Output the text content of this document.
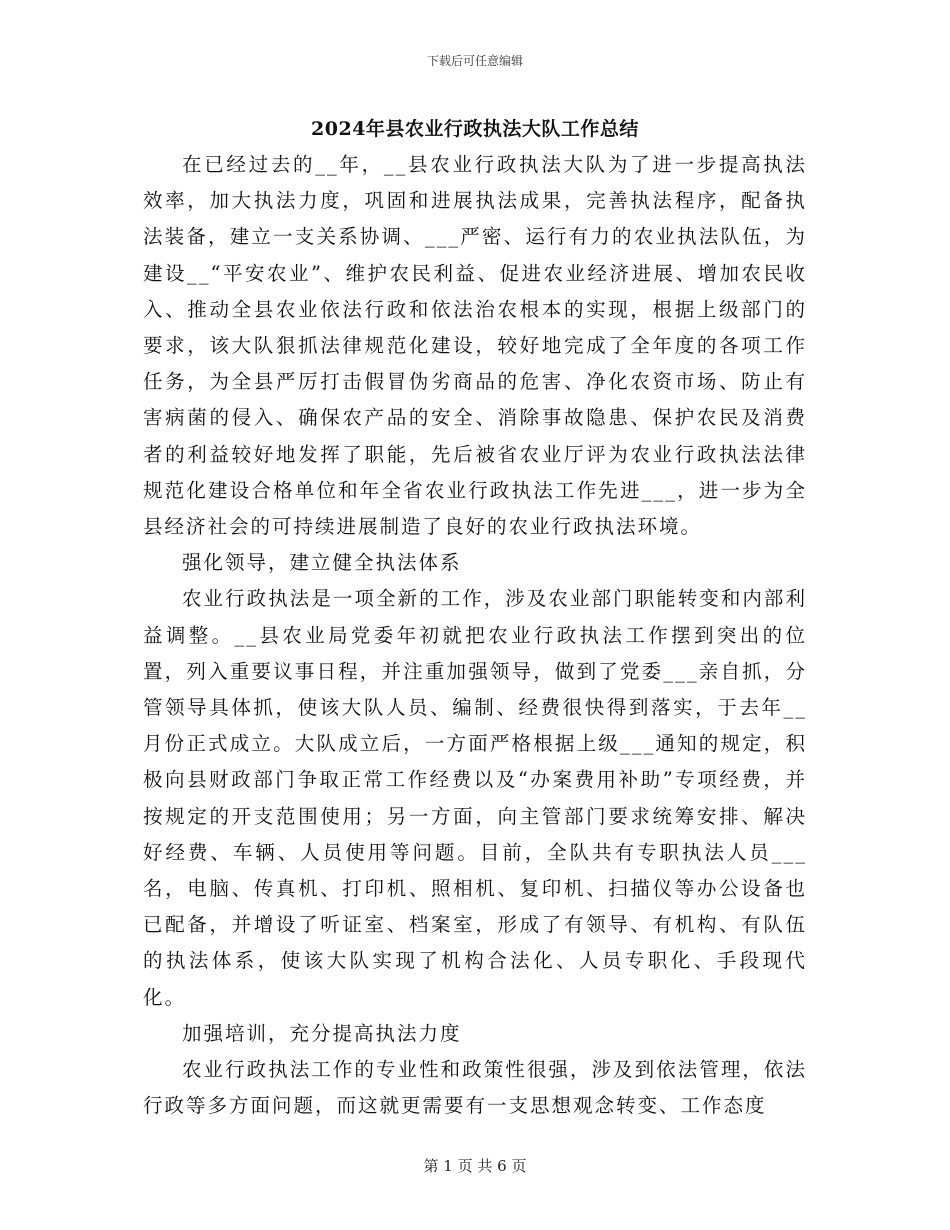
下载后可任意编辑
2024年县农业行政执法大队工作总结

在已经过去的__年，__县农业行政执法大队为了进一步提高执法效率，加大执法力度，巩固和进展执法成果，完善执法程序，配备执法装备，建立一支关系协调、___严密、运行有力的农业执法队伍，为建设__“平安农业”、维护农民利益、促进农业经济进展、增加农民收入、推动全县农业依法行政和依法治农根本的实现，根据上级部门的要求，该大队狠抓法律规范化建设，较好地完成了全年度的各项工作任务，为全县严厉打击假冒伪劣商品的危害、净化农资市场、防止有害病菌的侵入、确保农产品的安全、消除事故隐患、保护农民及消费者的利益较好地发挥了职能，先后被省农业厅评为农业行政执法法律规范化建设合格单位和年全省农业行政执法工作先进___，进一步为全县经济社会的可持续进展制造了良好的农业行政执法环境。

强化领导，建立健全执法体系

农业行政执法是一项全新的工作，涉及农业部门职能转变和内部利益调整。__县农业局党委年初就把农业行政执法工作摆到突出的位置，列入重要议事日程，并注重加强领导，做到了党委___亲自抓，分管领导具体抓，使该大队人员、编制、经费很快得到落实，于去年__月份正式成立。大队成立后，一方面严格根据上级___通知的规定，积极向县财政部门争取正常工作经费以及“办案费用补助”专项经费，并按规定的开支范围使用；另一方面，向主管部门要求统筹安排、解决好经费、车辆、人员使用等问题。目前，全队共有专职执法人员___名，电脑、传真机、打印机、照相机、复印机、扫描仪等办公设备也已配备，并增设了听证室、档案室，形成了有领导、有机构、有队伍的执法体系，使该大队实现了机构合法化、人员专职化、手段现代化。

加强培训，充分提高执法力度

农业行政执法工作的专业性和政策性很强，涉及到依法管理，依法行政等多方面问题，而这就更需要有一支思想观念转变、工作态度

第 1 页 共 6 页
